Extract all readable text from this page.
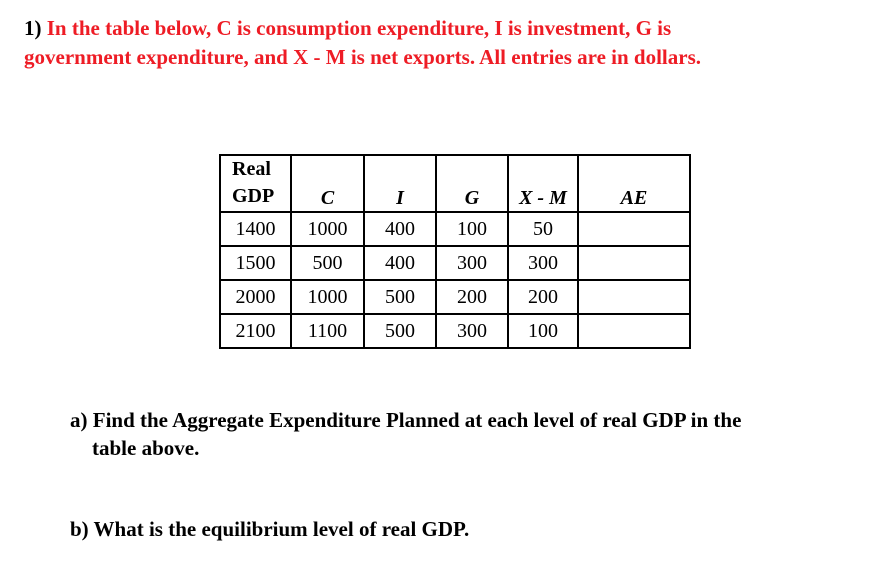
1) In the table below, C is consumption expenditure, I is investment, G is
government expenditure, and X - M is net exports. All entries are in dollars.

Real
GDP	C	I	G	X - M	AE
1400	1000	400	100	50	
1500	500	400	300	300	
2000	1000	500	200	200	
2100	1100	500	300	100	

a) Find the Aggregate Expenditure Planned at each level of real GDP in the
table above.

b) What is the equilibrium level of real GDP.
